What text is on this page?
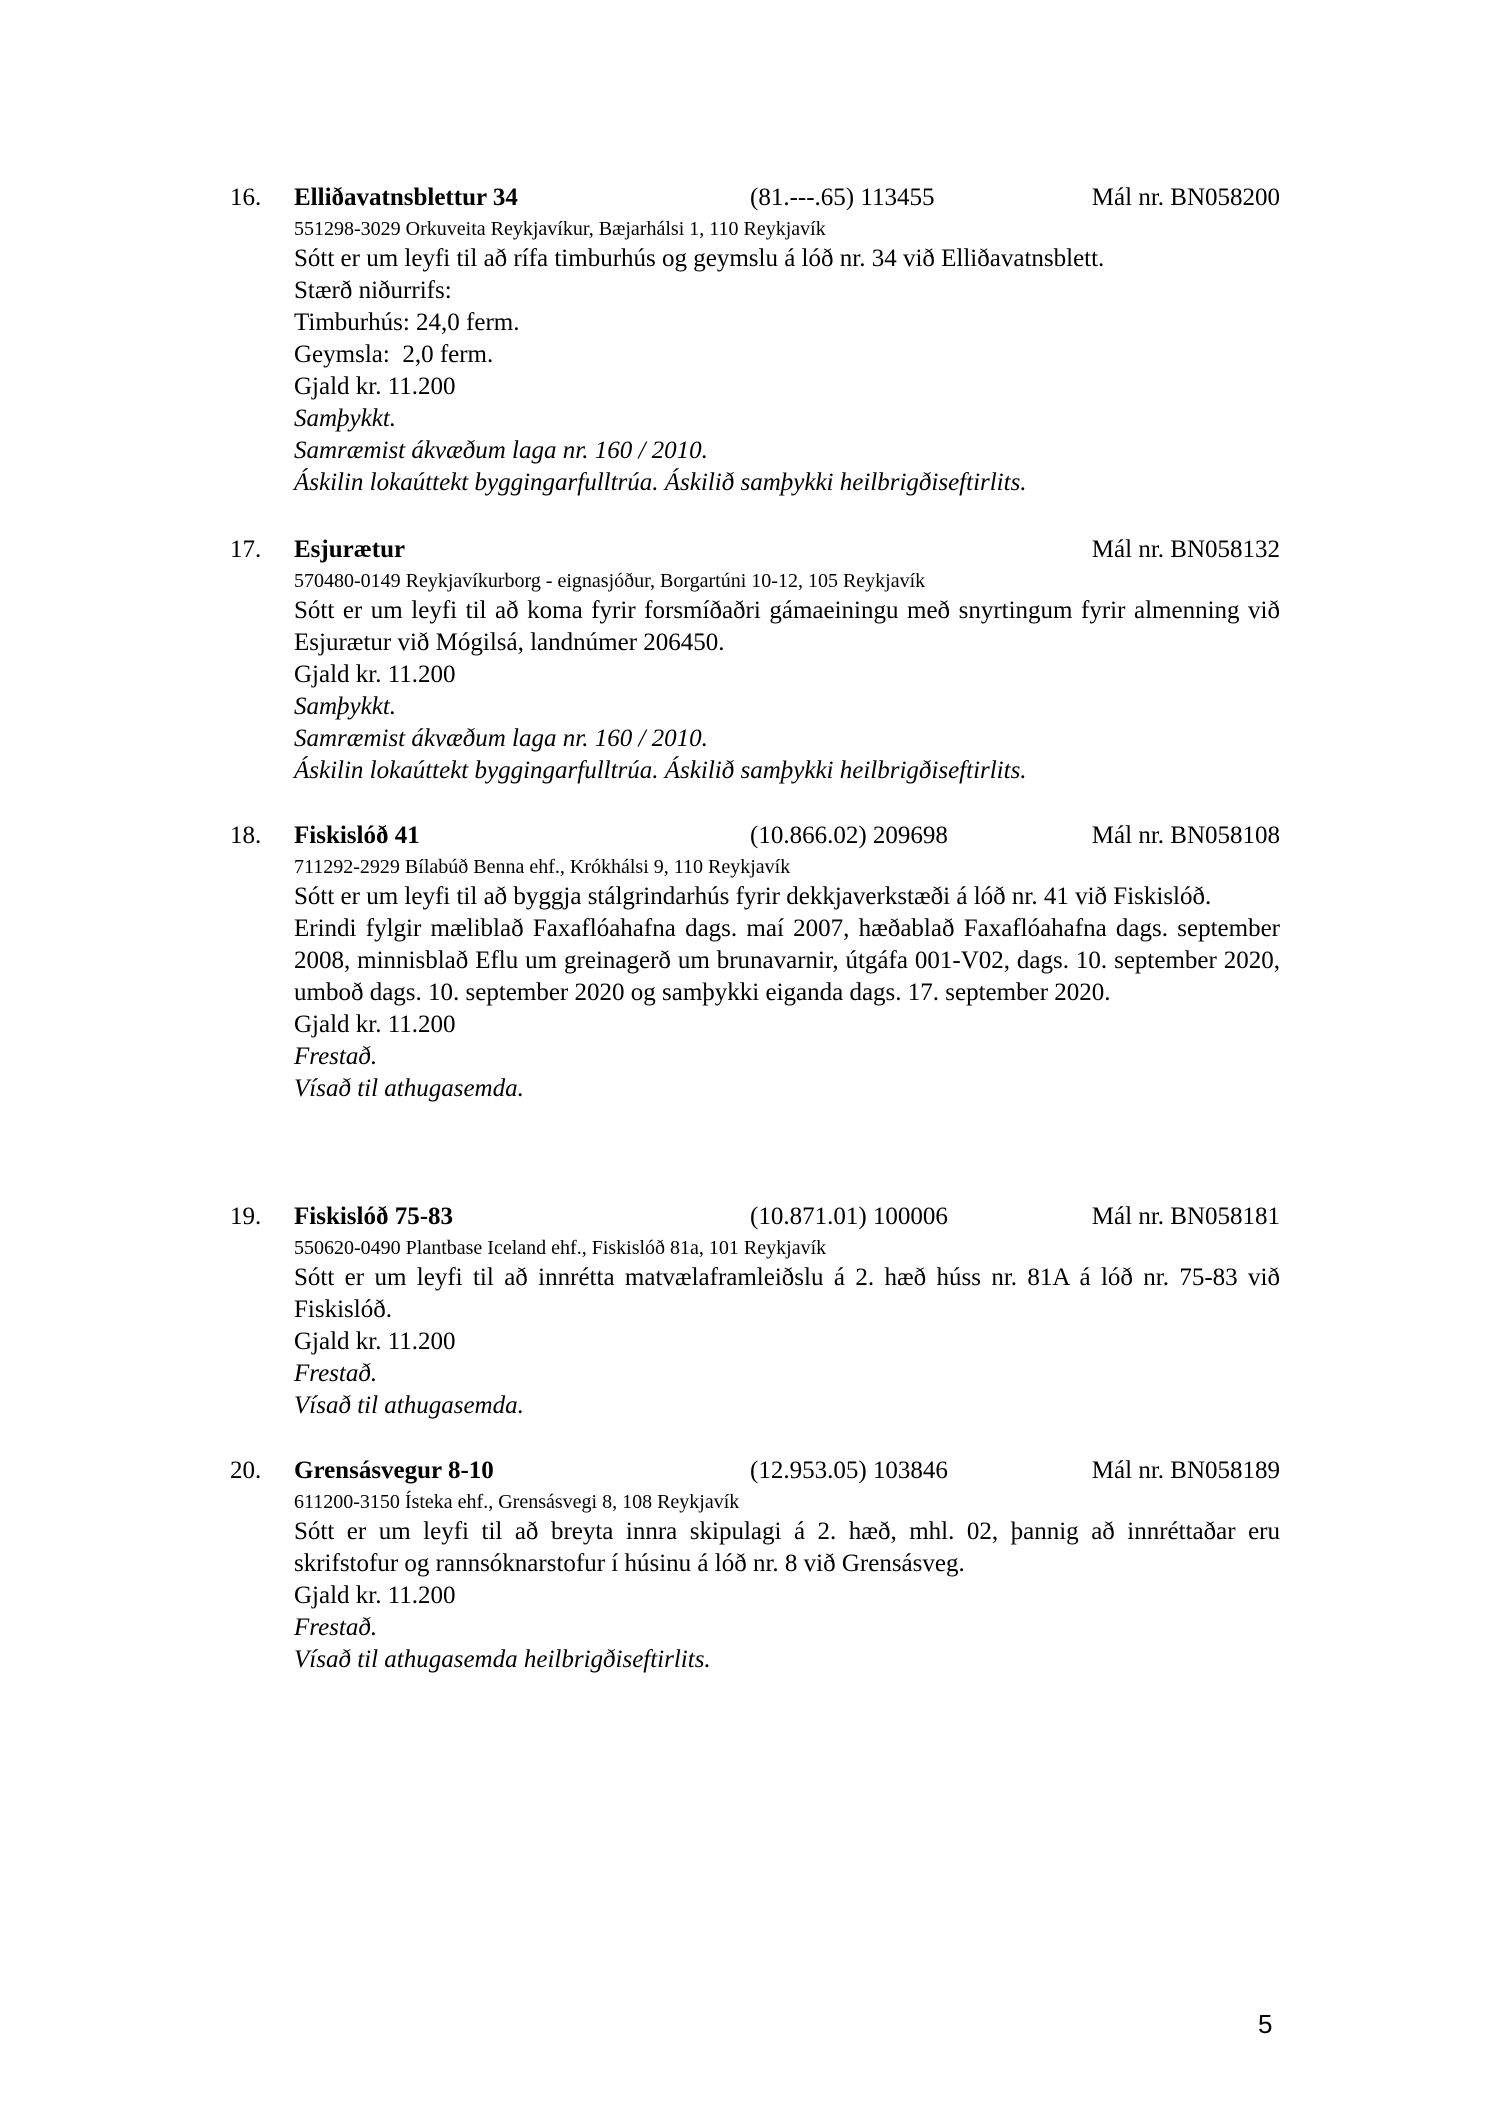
16. Elliðavatnsblettur 34	(81.---.65) 113455	Mál nr. BN058200

551298-3029 Orkuveita Reykjavíkur, Bæjarhálsi 1, 110 Reykjavík

Sótt er um leyfi til að rífa timburhús og geymslu á lóð nr. 34 við Elliðavatnsblett.

Stærð niðurrifs:

Timburhús: 24,0 ferm.

Geymsla:  2,0 ferm.

Gjald kr. 11.200

Samþykkt.

Samræmist ákvæðum laga nr. 160 / 2010.

Áskilin lokaúttekt byggingarfulltrúa. Áskilið samþykki heilbrigðiseftirlits.

17. Esjurætur	Mál nr. BN058132

570480-0149 Reykjavíkurborg - eignasjóður, Borgartúni 10-12, 105 Reykjavík

Sótt er um leyfi til að koma fyrir forsmíðaðri gámaeiningu með snyrtingum fyrir almenning við Esjurætur við Mógilsá, landnúmer 206450.

Gjald kr. 11.200

Samþykkt.

Samræmist ákvæðum laga nr. 160 / 2010.

Áskilin lokaúttekt byggingarfulltrúa. Áskilið samþykki heilbrigðiseftirlits.

18. Fiskislóð 41	(10.866.02) 209698	Mál nr. BN058108

711292-2929 Bílabúð Benna ehf., Krókhálsi 9, 110 Reykjavík

Sótt er um leyfi til að byggja stálgrindarhús fyrir dekkjaverkstæði á lóð nr. 41 við Fiskislóð.

Erindi fylgir mæliblað Faxaflóahafna dags. maí 2007, hæðablað Faxaflóahafna dags. september 2008, minnisblað Eflu um greinagerð um brunavarnir, útgáfa 001-V02, dags. 10. september 2020, umboð dags. 10. september 2020 og samþykki eiganda dags. 17. september 2020.

Gjald kr. 11.200

Frestað.

Vísað til athugasemda.

19. Fiskislóð 75-83	(10.871.01) 100006	Mál nr. BN058181

550620-0490 Plantbase Iceland ehf., Fiskislóð 81a, 101 Reykjavík

Sótt er um leyfi til að innrétta matvælaframleiðslu á 2. hæð húss nr. 81A á lóð nr. 75-83 við Fiskislóð.

Gjald kr. 11.200

Frestað.

Vísað til athugasemda.

20. Grensásvegur 8-10	(12.953.05) 103846	Mál nr. BN058189

611200-3150 Ísteka ehf., Grensásvegi 8, 108 Reykjavík

Sótt er um leyfi til að breyta innra skipulagi á 2. hæð, mhl. 02, þannig að innréttaðar eru skrifstofur og rannsóknarstofur í húsinu á lóð nr. 8 við Grensásveg.

Gjald kr. 11.200

Frestað.

Vísað til athugasemda heilbrigðiseftirlits.

5
